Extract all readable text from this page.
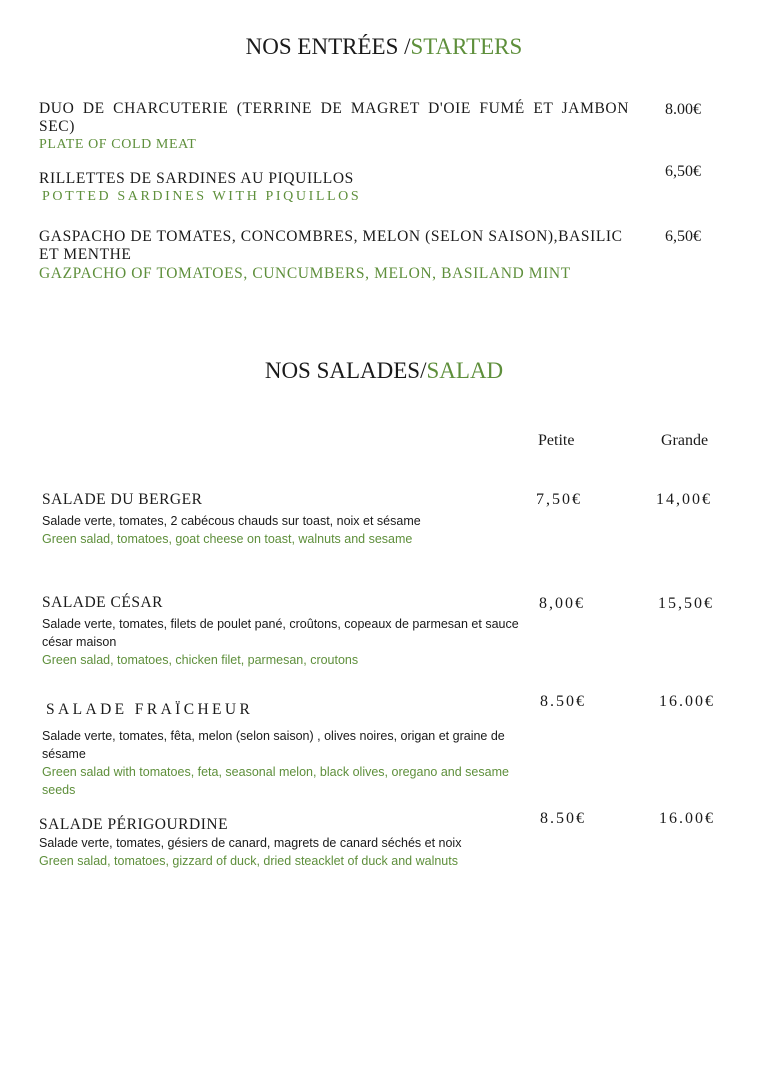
NOS ENTRÉES /STARTERS
DUO DE CHARCUTERIE (TERRINE DE MAGRET D'OIE FUMÉ ET JAMBON SEC)
PLATE OF COLD MEAT
8.00€
RILLETTES DE SARDINES AU PIQUILLOS
POTTED SARDINES WITH PIQUILLOS
6,50€
GASPACHO DE TOMATES, CONCOMBRES, MELON (SELON SAISON),BASILIC ET MENTHE
GAZPACHO OF TOMATOES, CUNCUMBERS, MELON, BASILAND MINT
6,50€
NOS SALADES/SALAD
Petite	Grande
SALADE DU BERGER
Salade verte, tomates, 2 cabécous chauds sur toast, noix et sésame
Green salad, tomatoes, goat cheese on toast, walnuts and sesame
7,50€	14,00€
SALADE CÉSAR
Salade verte, tomates, filets de poulet pané, croûtons, copeaux de parmesan et sauce césar maison
Green salad, tomatoes, chicken filet, parmesan, croutons
8,00€	15,50€
SALADE FRAÏCHEUR
Salade verte, tomates, fêta, melon (selon saison) , olives noires, origan et graine de sésame
Green salad with tomatoes, feta, seasonal melon, black olives, oregano and sesame seeds
8.50€	16.00€
SALADE PÉRIGOURDINE
Salade verte, tomates, gésiers de canard, magrets de canard séchés et noix
Green salad, tomatoes, gizzard of duck, dried steacklet of duck and walnuts
8.50€	16.00€
